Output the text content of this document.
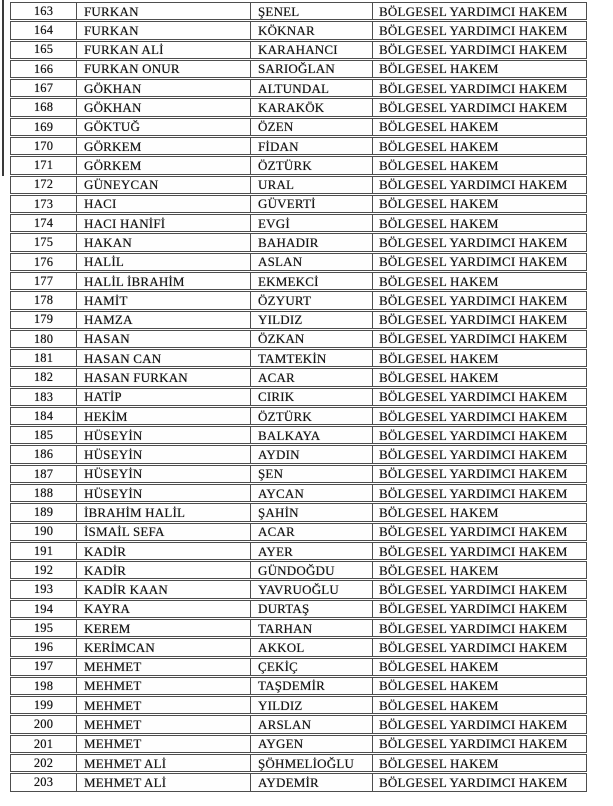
163	FURKAN	ŞENEL	BÖLGESEL YARDIMCI HAKEM
164	FURKAN	KÖKNAR	BÖLGESEL YARDIMCI HAKEM
165	FURKAN ALİ	KARAHANCI	BÖLGESEL YARDIMCI HAKEM
166	FURKAN ONUR	SARIOĞLAN	BÖLGESEL HAKEM
167	GÖKHAN	ALTUNDAL	BÖLGESEL YARDIMCI HAKEM
168	GÖKHAN	KARAKÖK	BÖLGESEL YARDIMCI HAKEM
169	GÖKTUĞ	ÖZEN	BÖLGESEL HAKEM
170	GÖRKEM	FİDAN	BÖLGESEL HAKEM
171	GÖRKEM	ÖZTÜRK	BÖLGESEL HAKEM
172	GÜNEYCAN	URAL	BÖLGESEL YARDIMCI HAKEM
173	HACI	GÜVERTİ	BÖLGESEL HAKEM
174	HACI HANİFİ	EVGİ	BÖLGESEL HAKEM
175	HAKAN	BAHADIR	BÖLGESEL YARDIMCI HAKEM
176	HALİL	ASLAN	BÖLGESEL YARDIMCI HAKEM
177	HALİL İBRAHİM	EKMEKCİ	BÖLGESEL HAKEM
178	HAMİT	ÖZYURT	BÖLGESEL YARDIMCI HAKEM
179	HAMZA	YILDIZ	BÖLGESEL YARDIMCI HAKEM
180	HASAN	ÖZKAN	BÖLGESEL YARDIMCI HAKEM
181	HASAN CAN	TAMTEKİN	BÖLGESEL HAKEM
182	HASAN FURKAN	ACAR	BÖLGESEL HAKEM
183	HATİP	CIRIK	BÖLGESEL YARDIMCI HAKEM
184	HEKİM	ÖZTÜRK	BÖLGESEL YARDIMCI HAKEM
185	HÜSEYİN	BALKAYA	BÖLGESEL YARDIMCI HAKEM
186	HÜSEYİN	AYDIN	BÖLGESEL YARDIMCI HAKEM
187	HÜSEYİN	ŞEN	BÖLGESEL YARDIMCI HAKEM
188	HÜSEYİN	AYCAN	BÖLGESEL YARDIMCI HAKEM
189	İBRAHİM HALİL	ŞAHİN	BÖLGESEL HAKEM
190	İSMAİL SEFA	ACAR	BÖLGESEL YARDIMCI HAKEM
191	KADİR	AYER	BÖLGESEL YARDIMCI HAKEM
192	KADİR	GÜNDOĞDU	BÖLGESEL HAKEM
193	KADİR KAAN	YAVRUOĞLU	BÖLGESEL YARDIMCI HAKEM
194	KAYRA	DURTAŞ	BÖLGESEL YARDIMCI HAKEM
195	KEREM	TARHAN	BÖLGESEL YARDIMCI HAKEM
196	KERİMCAN	AKKOL	BÖLGESEL YARDIMCI HAKEM
197	MEHMET	ÇEKİÇ	BÖLGESEL HAKEM
198	MEHMET	TAŞDEMİR	BÖLGESEL HAKEM
199	MEHMET	YILDIZ	BÖLGESEL HAKEM
200	MEHMET	ARSLAN	BÖLGESEL YARDIMCI HAKEM
201	MEHMET	AYGEN	BÖLGESEL YARDIMCI HAKEM
202	MEHMET ALİ	ŞÖHMELİOĞLU	BÖLGESEL HAKEM
203	MEHMET ALİ	AYDEMİR	BÖLGESEL YARDIMCI HAKEM
